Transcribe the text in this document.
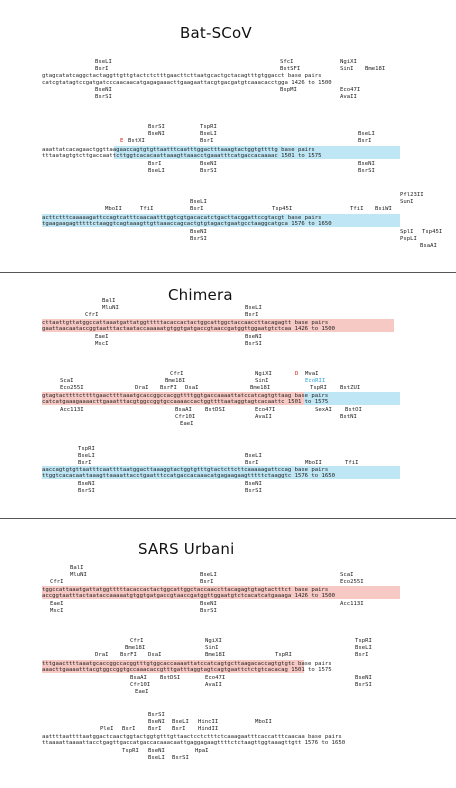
Bat-SCoV
BseLI	SfcI	NgiXI
BsrI	BstSFI	SinI Bme18I
gtagcatatcaggctactaggttgttgtactctctttgaacttcttaatgcactgctacagtttgtggacct base pairs
catcgtatagtccgatgatcccaacaacatgagagaaacttgaagaattacgtgacgatgtcaaacacctgga 1426 to 1500
BseNI	BspMI	Eco47I
BsrSI	AvaII
BsrSI	TspRI
BseNI	BseLI	BseLI
E BstXI	BsrI	BsrI
aaattatcacagaactggttaagaaccagtgtgttaatttcaatttggactttaaagtactggtgttttg base pairs
tttaatagtgtcttgaccaattcttggtcacacaattaaagttaaacctgaaatttcatgaccacaaaac 1501 to 1575
BsrI	BseNI	BseNI
BseLI	BsrSI	BsrSI
Pfl23II
BseLI	SunI
MboII	TfiI	BsrI	Tsp45I	TfiI BsiWI
acttctttcaaaaagattccagtcatttcaacaatttggtcgtgacacatctgacttacggattccgtacgt base pairs
tgaagaagagtttttctaaggtcagtaaagttgttaaaccagcactgtgtagactgaatgcctaaggcatgca 1576 to 1650
BseNI	SplI Tsp45I
BsrSI	PspLI
BsaAI
Chimera
BalI
MluNI	BseLI
CfrI	BsrI
cttaattgttatggccattaaatgattatggtttttacaccactactggcattggctaccaaccttacagagtt base pairs
gaattaacaataccggtaatttactaataccaaaaatgtggtgatgaccgtaaccgatggttggaatgtctcaa 1426 to 1500
EaeI	BseNI
MscI	BsrSI
CfrI	NgiXI	D MvaI
ScaI	Bme18I	SinI	EcoRII
Eco255I	DraI BsrFI DsaI	Bme18I	TspRI BstZUI
gtagtacttttcttttgaacttttaaatgcaccggccacggttttggtgaccaaaattatccatcagtgttaag base pairs
catcatgaaagaaaacttgaaatttacgtggccggtgccaaaaccactggttttaataggtagtcacaattc 1501 to 1575
Acc113I	BsaAI BstDSI	Eco47I	SexAI BstOI
Cfr10I	AvaII	BstNI
EaeI
TspRI
BseLI	BseLI
BsrI	BsrI	MboII	TfiI
aaccagtgtgttaatttcaattttaatggacttaaaggtactggtgtttgtactcttcttcaaaaagattccag base pairs
ttggtcacacaattaaagttaaaattacctgaatttccatgaccacaaacatgagaagaagtttttctaaggtc 1576 to 1650
BseNI	BseNI
BsrSI	BsrSI
SARS Urbani
BalI
MluNI	BseLI	ScaI
CfrI	BsrI	Eco255I
tggccattaaatgattatggtttttacaccactactggcattggctaccaaccttacagagtgtagtactttct base pairs
accggtaatttactaataccaaaaatgtggtgatgaccgtaaccgatggttggaatgtctcacatcatgaaaga 1426 to 1500
EaeI	BseNI	Acc113I
MscI	BsrSI
CfrI	NgiXI	TspRI
Bme18I	SinI	BseLI
DraI BsrFI DsaI	Bme18I	TspRI	BsrI
tttgaacttttaaatgcaccggccacggtttgtggcaccaaaattatccatcagtgcttaagacaccagtgtgtc base pairs
aaacttgaaaatttacgtggccggtgccaaacaccgtttgatttaggtagtcagtgaattctctgtcacacag 1501 to 1575
BsaAI BstDSI	Eco47I	BseNI
Cfr10I	AvaII	BsrSI
EaeI
BsrSI
BseNI BseLI HincII	MboII
PleI BsrI BsrI BsrI HindII
aattttaattttaatggactcaactggtactggtgtttgttaactcctctttctcaaagaatttcaccatttcaacaa base pairs
ttaaaattaaaattacctgagttgaccatgaccacaaacaattgaggagaagttttctctaagttggtaaagttgtt 1576 to 1650
TspRI BseNI	HpaI
BseLI BsrSI
